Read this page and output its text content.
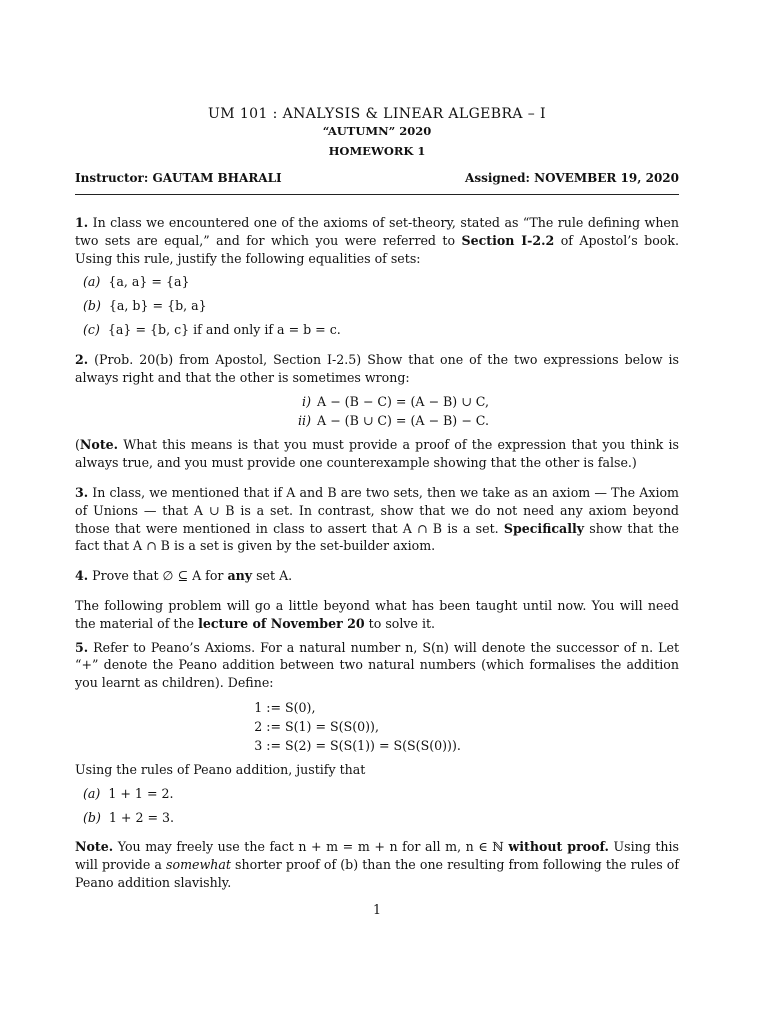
UM 101 : ANALYSIS & LINEAR ALGEBRA – I
“AUTUMN” 2020
HOMEWORK 1
Instructor: GAUTAM BHARALI	Assigned: NOVEMBER 19, 2020

1. In class we encountered one of the axioms of set-theory, stated as “The rule defining when two sets are equal,” and for which you were referred to Section I-2.2 of Apostol’s book. Using this rule, justify the following equalities of sets:

(a) {a, a} = {a}
(b) {a, b} = {b, a}
(c) {a} = {b, c} if and only if a = b = c.

2. (Prob. 20(b) from Apostol, Section I-2.5) Show that one of the two expressions below is always right and that the other is sometimes wrong:

i) A − (B − C) = (A − B) ∪ C,
ii) A − (B ∪ C) = (A − B) − C.

(Note. What this means is that you must provide a proof of the expression that you think is always true, and you must provide one counterexample showing that the other is false.)

3. In class, we mentioned that if A and B are two sets, then we take as an axiom — The Axiom of Unions — that A ∪ B is a set. In contrast, show that we do not need any axiom beyond those that were mentioned in class to assert that A ∩ B is a set. Specifically show that the fact that A ∩ B is a set is given by the set-builder axiom.

4. Prove that ∅ ⊆ A for any set A.

The following problem will go a little beyond what has been taught until now. You will need the material of the lecture of November 20 to solve it.

5. Refer to Peano’s Axioms. For a natural number n, S(n) will denote the successor of n. Let “+” denote the Peano addition between two natural numbers (which formalises the addition you learnt as children). Define:

1 := S(0),
2 := S(1) = S(S(0)),
3 := S(2) = S(S(1)) = S(S(S(0))).

Using the rules of Peano addition, justify that

(a) 1 + 1 = 2.
(b) 1 + 2 = 3.

Note. You may freely use the fact n + m = m + n for all m, n ∈ ℕ without proof. Using this will provide a somewhat shorter proof of (b) than the one resulting from following the rules of Peano addition slavishly.

1
